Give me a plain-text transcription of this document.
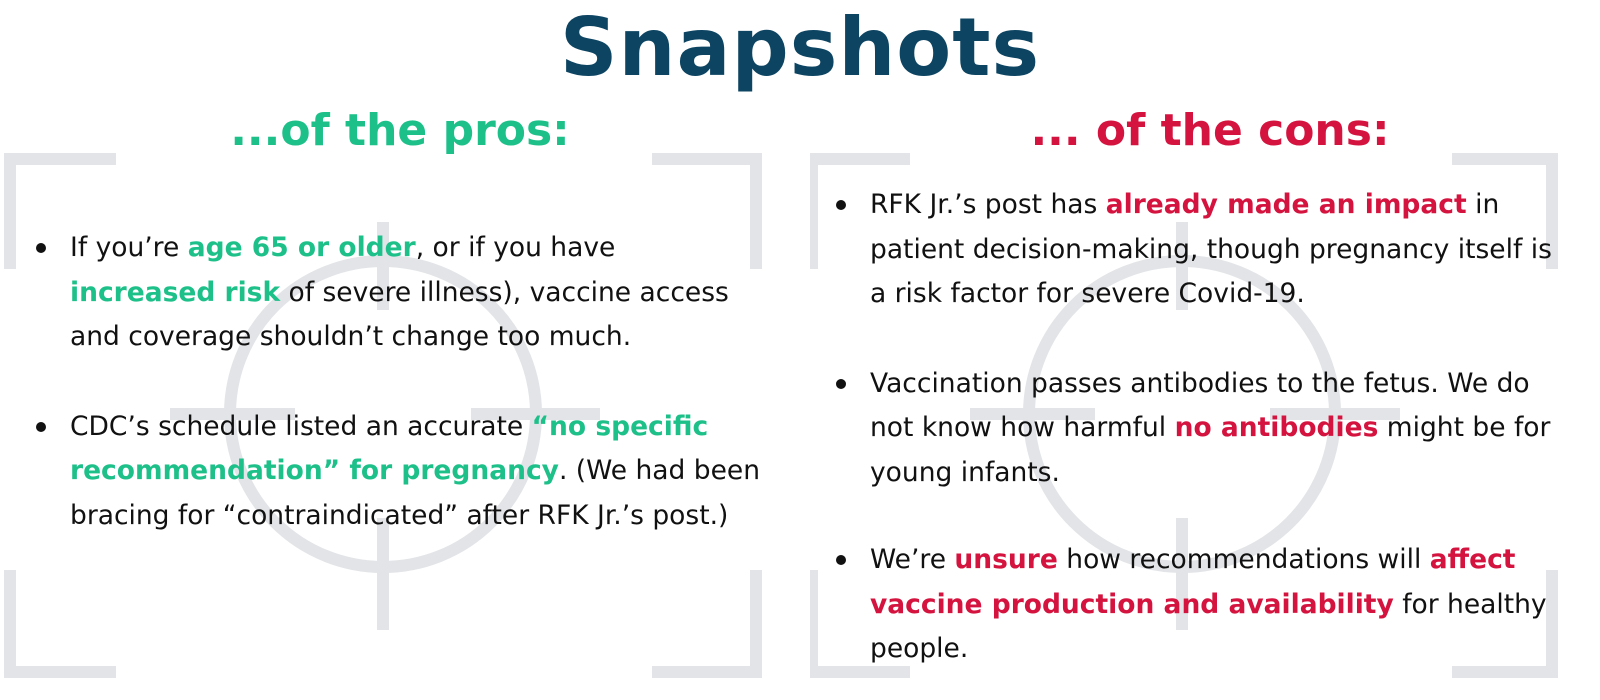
Snapshots
...of the pros:	... of the cons:
If you’re age 65 or older, or if you have increased risk of severe illness), vaccine access and coverage shouldn’t change too much.
CDC’s schedule listed an accurate “no specific recommendation” for pregnancy. (We had been bracing for “contraindicated” after RFK Jr.’s post.)
RFK Jr.’s post has already made an impact in patient decision-making, though pregnancy itself is a risk factor for severe Covid-19.
Vaccination passes antibodies to the fetus. We do not know how harmful no antibodies might be for young infants.
We’re unsure how recommendations will affect vaccine production and availability for healthy people.
